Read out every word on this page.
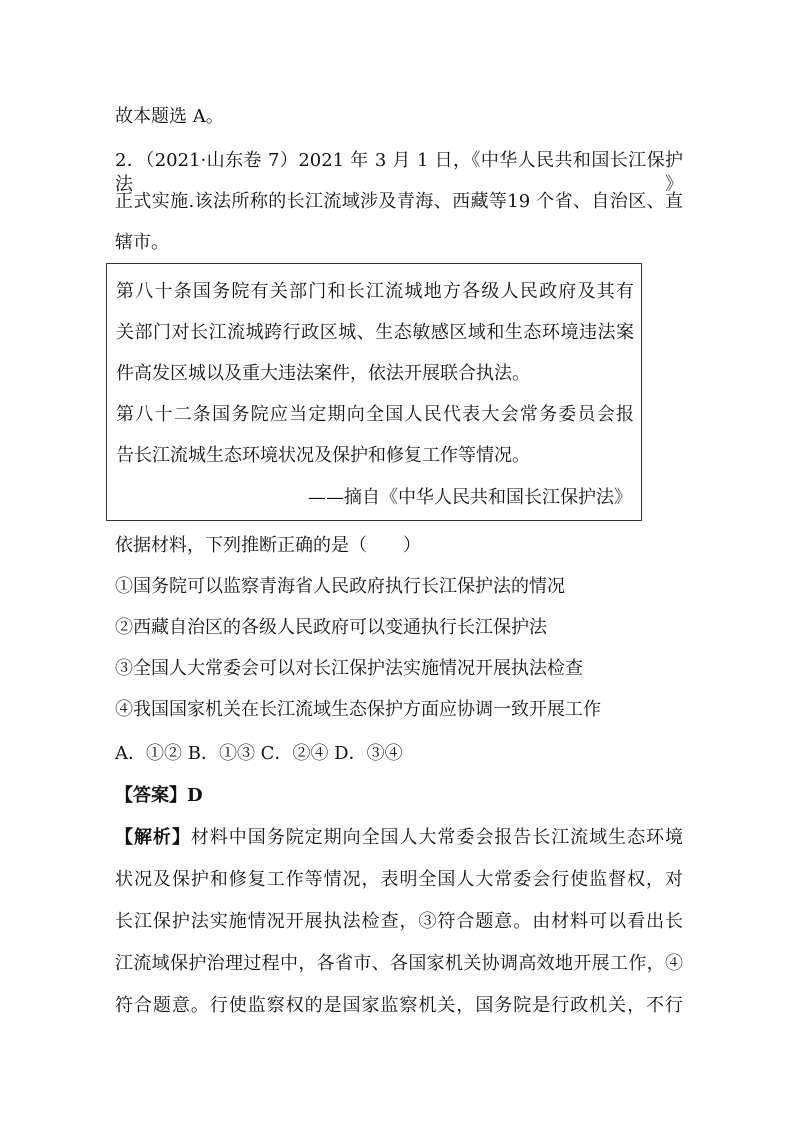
故本题选 A。
2．（2021·山东卷 7）2021 年 3 月 1 日，《中华人民共和国长江保护法》
正式实施.该法所称的长江流域涉及青海、西藏等19 个省、自治区、直
辖市。
第八十条国务院有关部门和长江流城地方各级人民政府及其有
关部门对长江流城跨行政区城、生态敏感区域和生态环境违法案
件高发区城以及重大违法案件，依法开展联合执法。
第八十二条国务院应当定期向全国人民代表大会常务委员会报
告长江流城生态环境状况及保护和修复工作等情况。
——摘自《中华人民共和国长江保护法》
依据材料，下列推断正确的是（　　）
①国务院可以监察青海省人民政府执行长江保护法的情况
②西藏自治区的各级人民政府可以变通执行长江保护法
③全国人大常委会可以对长江保护法实施情况开展执法检查
④我国国家机关在长江流域生态保护方面应协调一致开展工作
A．①② B．①③ C．②④ D．③④
【答案】D
【解析】材料中国务院定期向全国人大常委会报告长江流域生态环境
状况及保护和修复工作等情况，表明全国人大常委会行使监督权，对
长江保护法实施情况开展执法检查，③符合题意。由材料可以看出长
江流域保护治理过程中，各省市、各国家机关协调高效地开展工作，④
符合题意。行使监察权的是国家监察机关，国务院是行政机关，不行
